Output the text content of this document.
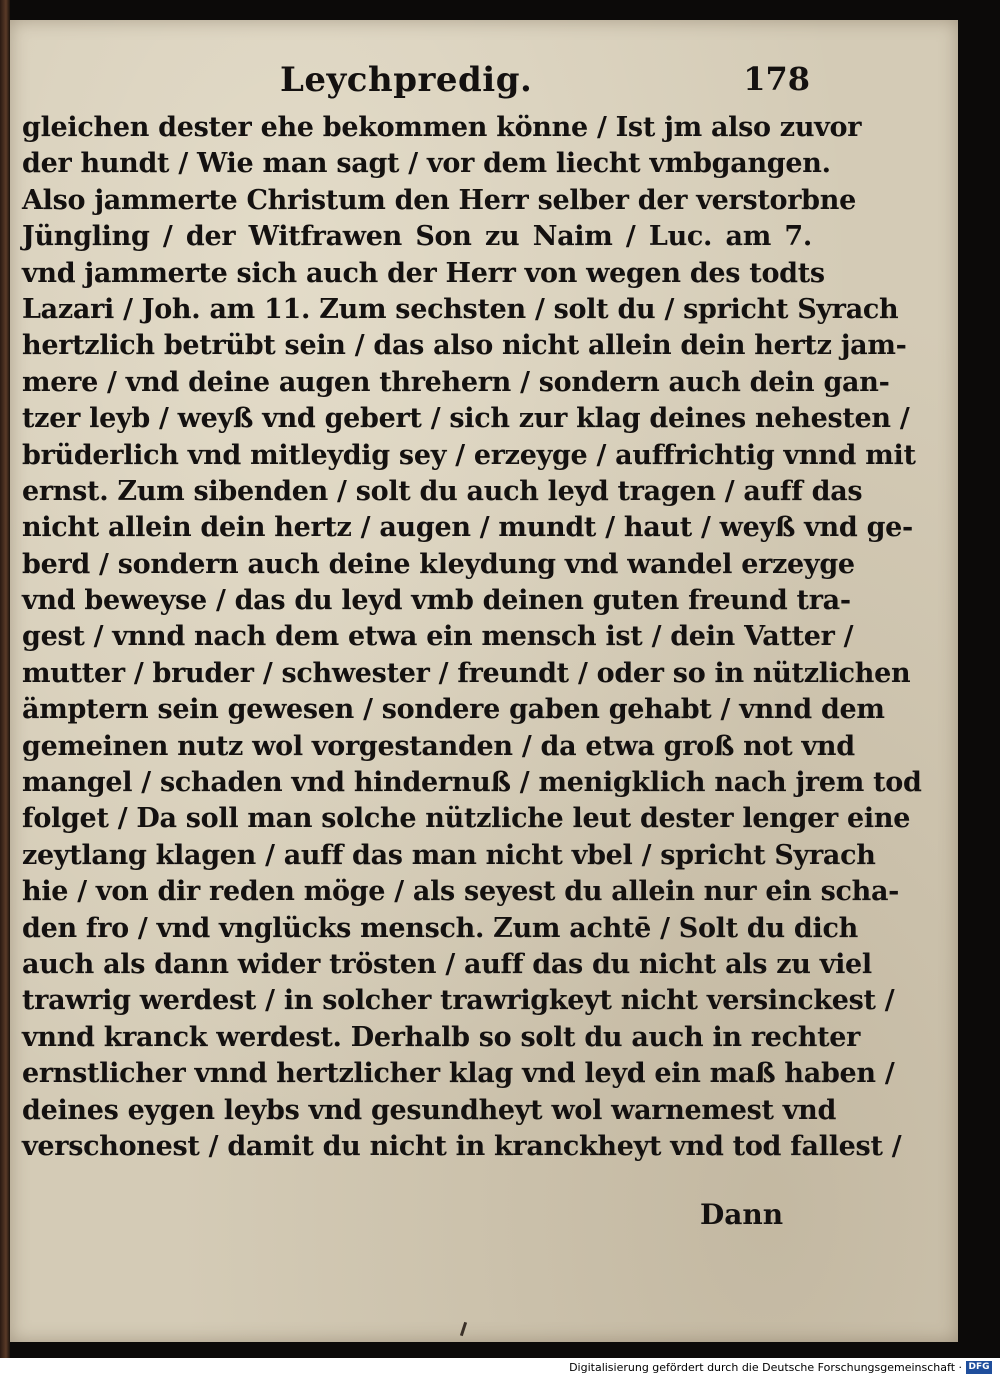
Leychpredig.	178
gleichen dester ehe bekommen könne / Ist jm also zuvor
der hundt / Wie man sagt / vor dem liecht vmbgangen.
Also jammerte Christum den Herr selber der verstorbne
Jüngling / der Witfrawen Son zu Naim / Luc. am 7.
vnd jammerte sich auch der Herr von wegen des todts
Lazari / Joh. am 11. Zum sechsten / solt du / spricht Syrach
hertzlich betrübt sein / das also nicht allein dein hertz jam-
mere / vnd deine augen threhern / sondern auch dein gan-
tzer leyb / weyß vnd gebert / sich zur klag deines nehesten /
brüderlich vnd mitleydig sey / erzeyge / auffrichtig vnnd mit
ernst. Zum sibenden / solt du auch leyd tragen / auff das
nicht allein dein hertz / augen / mundt / haut / weyß vnd ge-
berd / sondern auch deine kleydung vnd wandel erzeyge
vnd beweyse / das du leyd vmb deinen guten freund tra-
gest / vnnd nach dem etwa ein mensch ist / dein Vatter /
mutter / bruder / schwester / freundt / oder so in nützlichen
ämptern sein gewesen / sondere gaben gehabt / vnnd dem
gemeinen nutz wol vorgestanden / da etwa groß not vnd
mangel / schaden vnd hindernuß / menigklich nach jrem tod
folget / Da soll man solche nützliche leut dester lenger eine
zeytlang klagen / auff das man nicht vbel / spricht Syrach
hie / von dir reden möge / als seyest du allein nur ein scha-
den fro / vnd vnglücks mensch. Zum achtē / Solt du dich
auch als dann wider trösten / auff das du nicht als zu viel
trawrig werdest / in solcher trawrigkeyt nicht versinckest /
vnnd kranck werdest. Derhalb so solt du auch in rechter
ernstlicher vnnd hertzlicher klag vnd leyd ein maß haben /
deines eygen leybs vnd gesundheyt wol warnemest vnd
verschonest / damit du nicht in kranckheyt vnd tod fallest /
Dann
Digitalisierung gefördert durch die Deutsche Forschungsgemeinschaft · DFG
